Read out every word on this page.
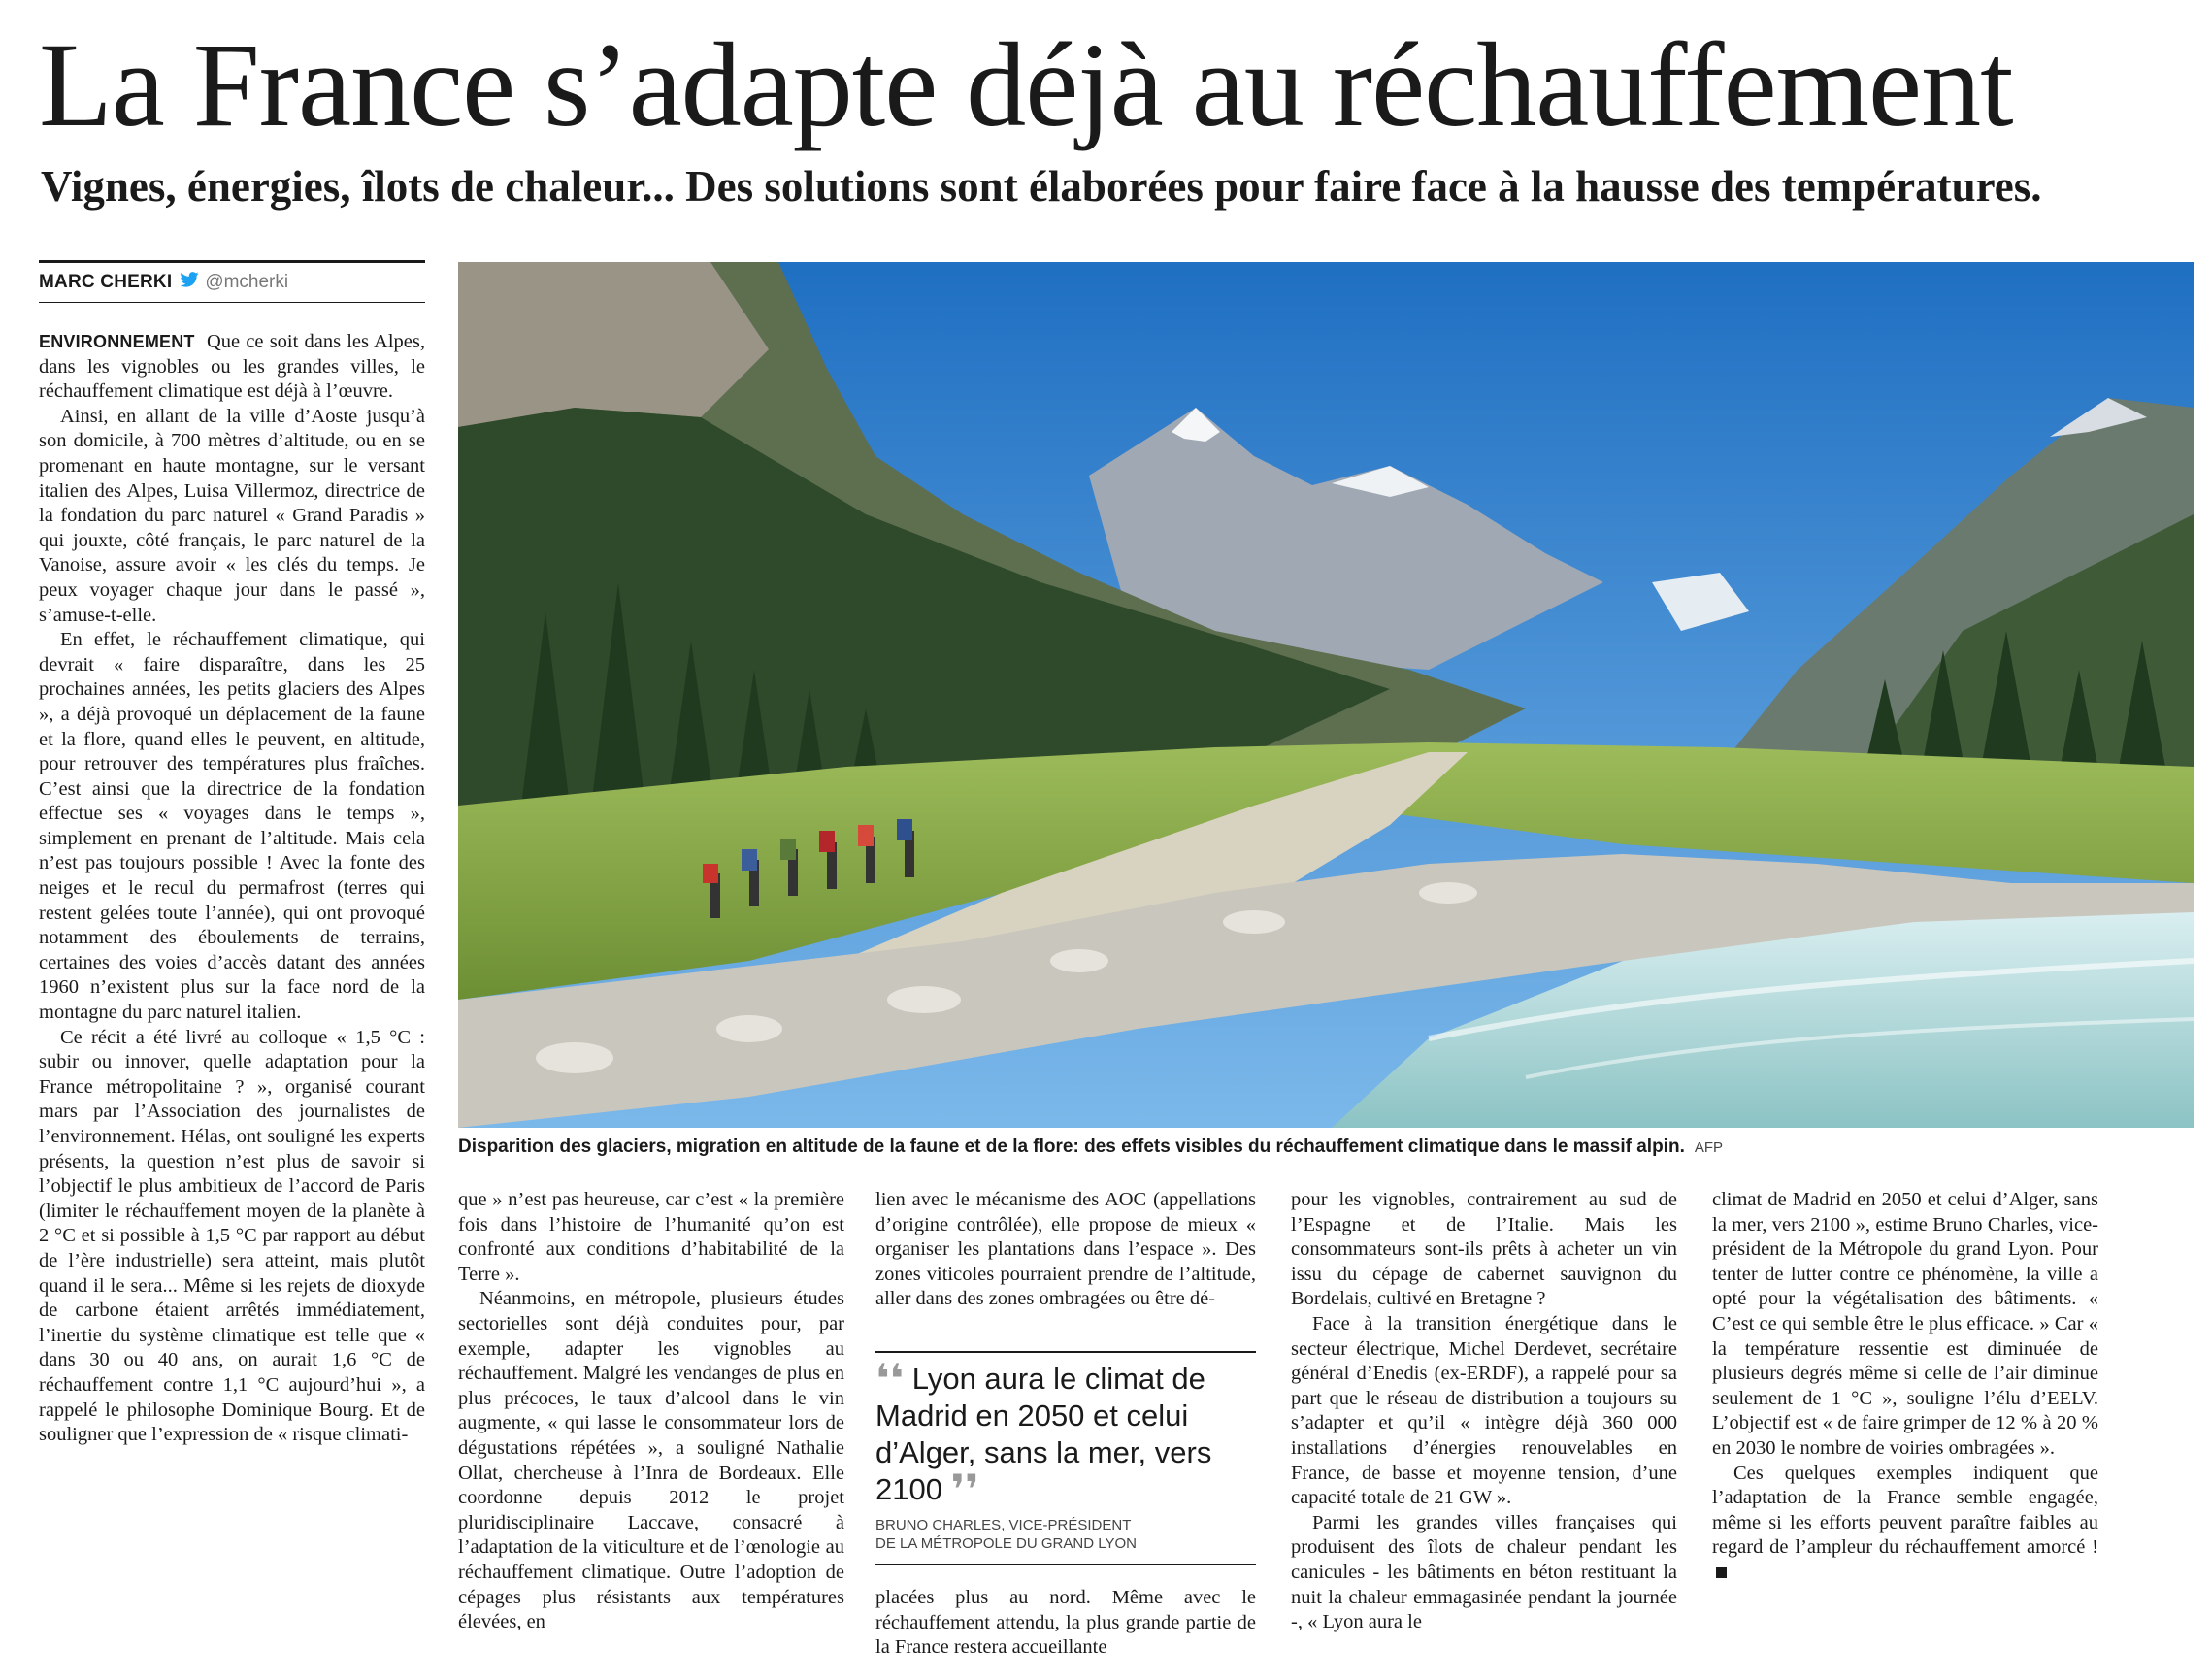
La France s’adapte déjà au réchauffement
Vignes, énergies, îlots de chaleur... Des solutions sont élaborées pour faire face à la hausse des températures.
MARC CHERKI @mcherki

ENVIRONNEMENT Que ce soit dans les Alpes, dans les vignobles ou les grandes villes, le réchauffement climatique est déjà à l’œuvre.

Ainsi, en allant de la ville d’Aoste jusqu’à son domicile, à 700 mètres d’altitude, ou en se promenant en haute montagne, sur le versant italien des Alpes, Luisa Villermoz, directrice de la fondation du parc naturel « Grand Paradis » qui jouxte, côté français, le parc naturel de la Vanoise, assure avoir « les clés du temps. Je peux voyager chaque jour dans le passé », s’amuse-t-elle.

En effet, le réchauffement climatique, qui devrait « faire disparaître, dans les 25 prochaines années, les petits glaciers des Alpes », a déjà provoqué un déplacement de la faune et la flore, quand elles le peuvent, en altitude, pour retrouver des températures plus fraîches. C’est ainsi que la directrice de la fondation effectue ses « voyages dans le temps », simplement en prenant de l’altitude. Mais cela n’est pas toujours possible ! Avec la fonte des neiges et le recul du permafrost (terres qui restent gelées toute l’année), qui ont provoqué notamment des éboulements de terrains, certaines des voies d’accès datant des années 1960 n’existent plus sur la face nord de la montagne du parc naturel italien.

Ce récit a été livré au colloque « 1,5 °C : subir ou innover, quelle adaptation pour la France métropolitaine ? », organisé courant mars par l’Association des journalistes de l’environnement. Hélas, ont souligné les experts présents, la question n’est plus de savoir si l’objectif le plus ambitieux de l’accord de Paris (limiter le réchauffement moyen de la planète à 2 °C et si possible à 1,5 °C par rapport au début de l’ère industrielle) sera atteint, mais plutôt quand il le sera... Même si les rejets de dioxyde de carbone étaient arrêtés immédiatement, l’inertie du système climatique est telle que « dans 30 ou 40 ans, on aurait 1,6 °C de réchauffement contre 1,1 °C aujourd’hui », a rappelé le philosophe Dominique Bourg. Et de souligner que l’expression de « risque climati-

Disparition des glaciers, migration en altitude de la faune et de la flore: des effets visibles du réchauffement climatique dans le massif alpin. AFP

que » n’est pas heureuse, car c’est « la première fois dans l’histoire de l’humanité qu’on est confronté aux conditions d’habitabilité de la Terre ».

Néanmoins, en métropole, plusieurs études sectorielles sont déjà conduites pour, par exemple, adapter les vignobles au réchauffement. Malgré les vendanges de plus en plus précoces, le taux d’alcool dans le vin augmente, « qui lasse le consommateur lors de dégustations répétées », a souligné Nathalie Ollat, chercheuse à l’Inra de Bordeaux. Elle coordonne depuis 2012 le projet pluridisciplinaire Laccave, consacré à l’adaptation de la viticulture et de l’œnologie au réchauffement climatique. Outre l’adoption de cépages plus résistants aux températures élevées, en

lien avec le mécanisme des AOC (appellations d’origine contrôlée), elle propose de mieux « organiser les plantations dans l’espace ». Des zones viticoles pourraient prendre de l’altitude, aller dans des zones ombragées ou être dé-

❛❛ Lyon aura le climat de Madrid en 2050 et celui d’Alger, sans la mer, vers 2100 ❜❜
BRUNO CHARLES, VICE-PRÉSIDENT
DE LA MÉTROPOLE DU GRAND LYON

placées plus au nord. Même avec le réchauffement attendu, la plus grande partie de la France restera accueillante

pour les vignobles, contrairement au sud de l’Espagne et de l’Italie. Mais les consommateurs sont-ils prêts à acheter un vin issu du cépage de cabernet sauvignon du Bordelais, cultivé en Bretagne ?

Face à la transition énergétique dans le secteur électrique, Michel Derdevet, secrétaire général d’Enedis (ex-ERDF), a rappelé pour sa part que le réseau de distribution a toujours su s’adapter et qu’il « intègre déjà 360 000 installations d’énergies renouvelables en France, de basse et moyenne tension, d’une capacité totale de 21 GW ».

Parmi les grandes villes françaises qui produisent des îlots de chaleur pendant les canicules - les bâtiments en béton restituant la nuit la chaleur emmagasinée pendant la journée -, « Lyon aura le

climat de Madrid en 2050 et celui d’Alger, sans la mer, vers 2100 », estime Bruno Charles, vice-président de la Métropole du grand Lyon. Pour tenter de lutter contre ce phénomène, la ville a opté pour la végétalisation des bâtiments. « C’est ce qui semble être le plus efficace. » Car « la température ressentie est diminuée de plusieurs degrés même si celle de l’air diminue seulement de 1 °C », souligne l’élu d’EELV. L’objectif est « de faire grimper de 12 % à 20 % en 2030 le nombre de voiries ombragées ».

Ces quelques exemples indiquent que l’adaptation de la France semble engagée, même si les efforts peuvent paraître faibles au regard de l’ampleur du réchauffement amorcé !
